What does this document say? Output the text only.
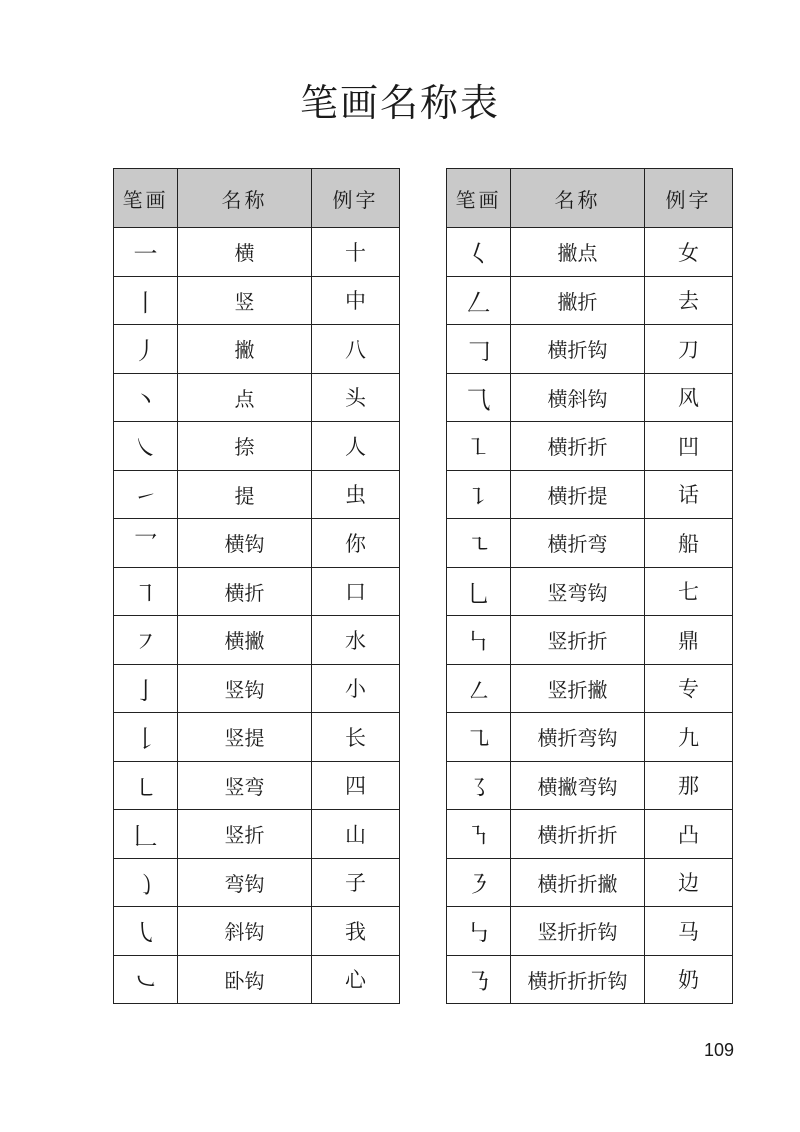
笔画名称表
笔画	名称	例字
一	横	十
丨	竖	中
丿	撇	八
丶	点	头
㇏	捺	人
㇀	提	虫
乛	横钩	你
㇕	横折	口
㇇	横撇	水
亅	竖钩	小
𠄌	竖提	长
㇄	竖弯	四
𠃊	竖折	山
㇁	弯钩	子
㇂	斜钩	我
㇃	卧钩	心
笔画	名称	例字
𡿨	撇点	女
𠃋	撇折	去
𠃌	横折钩	刀
⺄	横斜钩	风
㇅	横折折	凹
㇊	横折提	话
㇍	横折弯	船
乚	竖弯钩	七
㇞	竖折折	鼎
㇜	竖折撇	专
㇈	横折弯钩	九
㇌	横撇弯钩	那
㇎	横折折折	凸
㇋	横折折撇	边
㇉	竖折折钩	马
㇡	横折折折钩	奶
109
